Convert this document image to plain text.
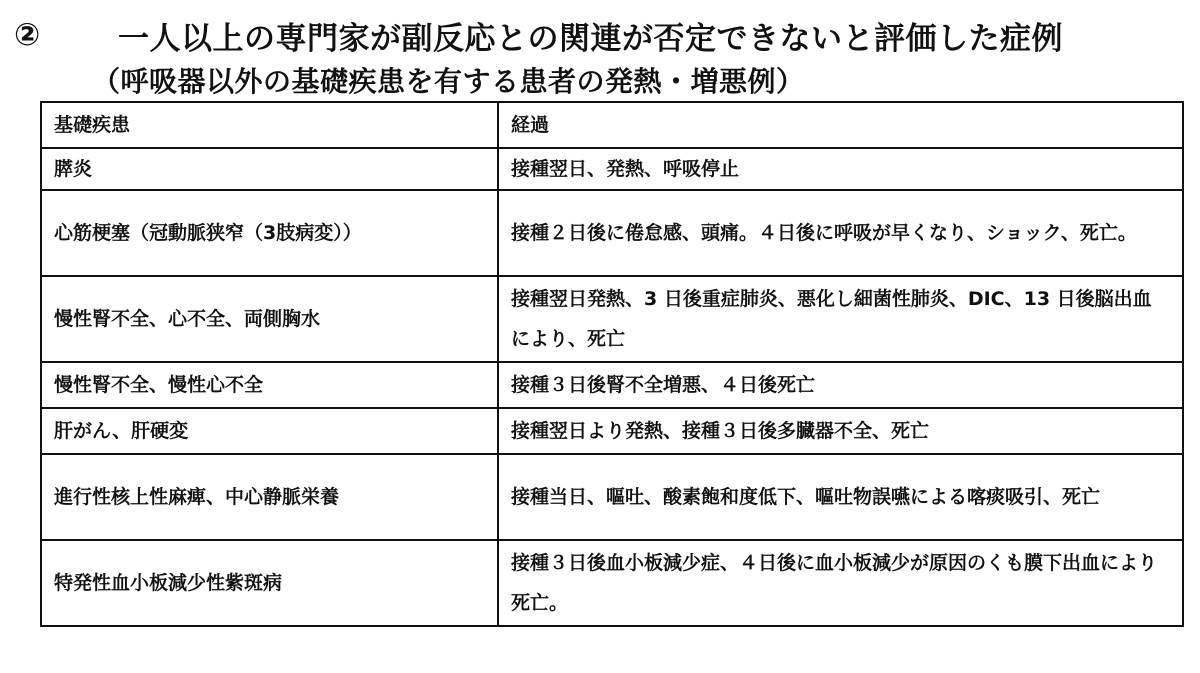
②	一人以上の専門家が副反応との関連が否定できないと評価した症例
（呼吸器以外の基礎疾患を有する患者の発熱・増悪例）
基礎疾患	経過
膵炎	接種翌日、発熱、呼吸停止
心筋梗塞（冠動脈狭窄（3肢病変））	接種２日後に倦怠感、頭痛。４日後に呼吸が早くなり、ショック、死亡。

慢性腎不全、心不全、両側胸水	接種翌日発熱、3 日後重症肺炎、悪化し細菌性肺炎、DIC、13 日後脳出血により、死亡

慢性腎不全、慢性心不全	接種３日後腎不全増悪、４日後死亡
肝がん、肝硬変	接種翌日より発熱、接種３日後多臓器不全、死亡
進行性核上性麻痺、中心静脈栄養	接種当日、嘔吐、酸素飽和度低下、嘔吐物誤嚥による喀痰吸引、死亡

特発性血小板減少性紫斑病	接種３日後血小板減少症、４日後に血小板減少が原因のくも膜下出血により死亡。
